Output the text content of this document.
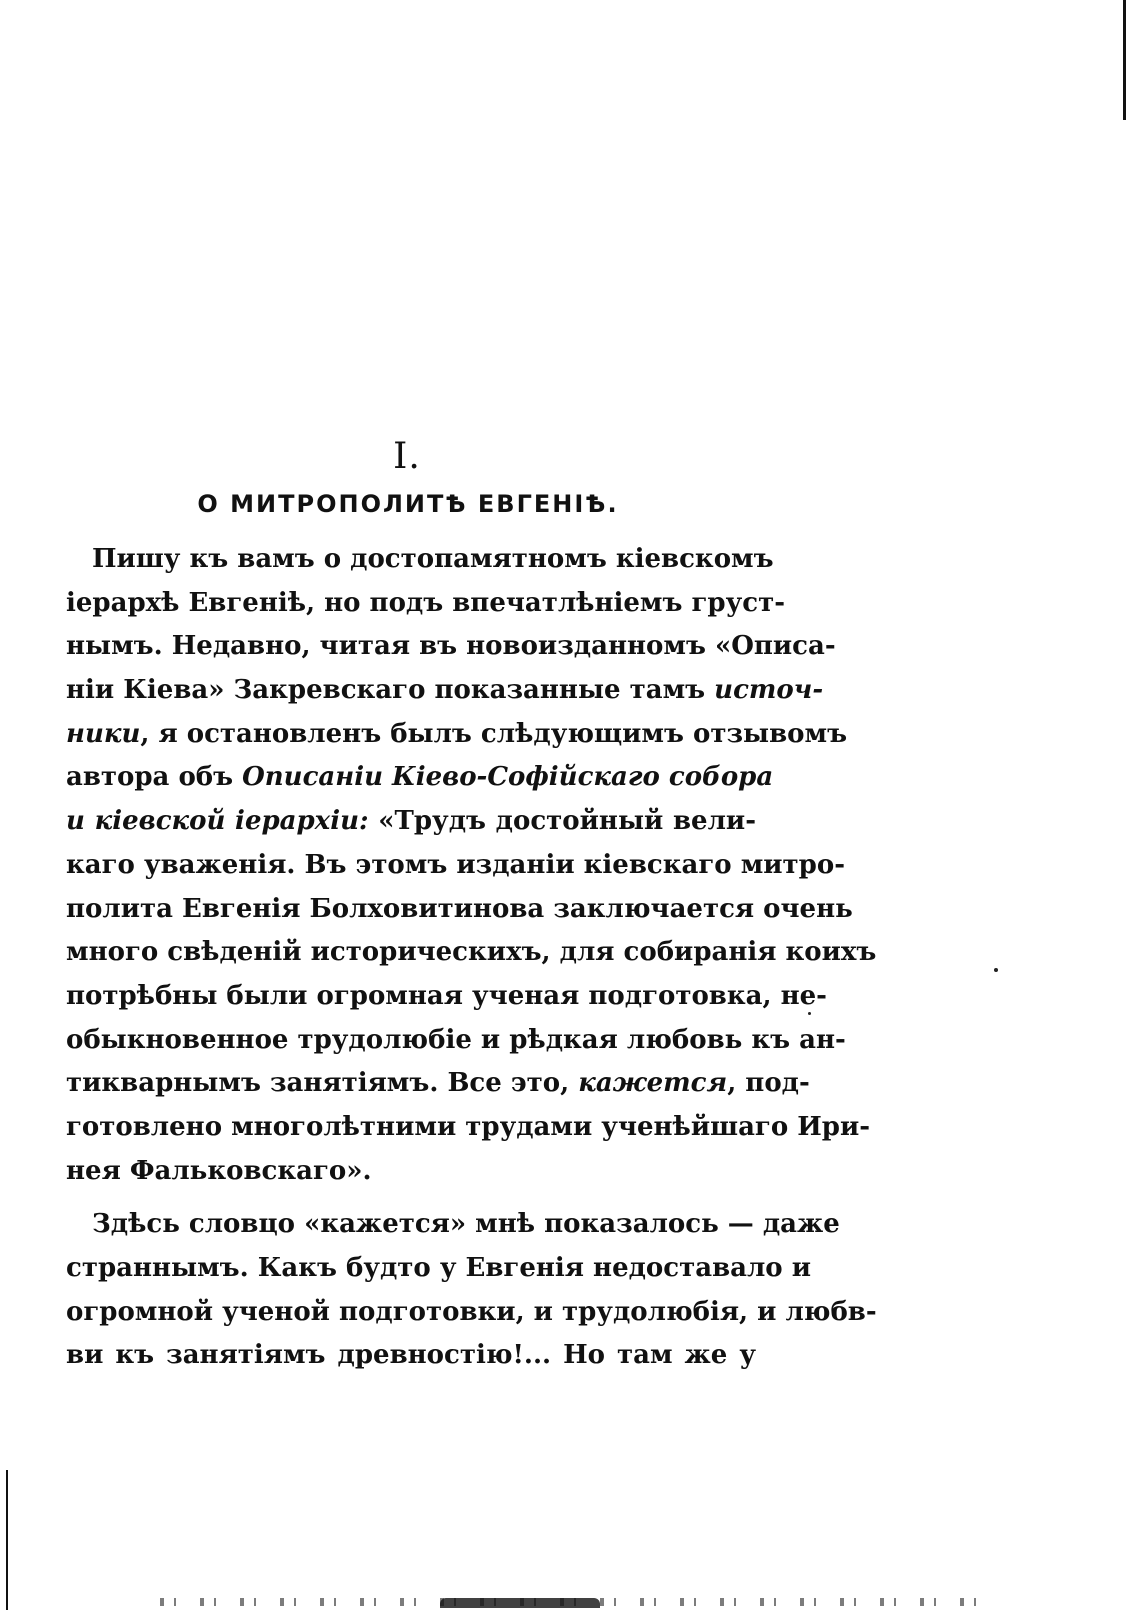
I.
О МИТРОПОЛИТѢ ЕВГЕНІѢ.
Пишу къ вамъ о достопамятномъ кіевскомъ
іерархѣ Евгеніѣ, но подъ впечатлѣніемъ груст-
нымъ. Недавно, читая въ новоизданномъ «Описа-
ніи Кіева» Закревскаго показанные тамъ источ-
ники, я остановленъ былъ слѣдующимъ отзывомъ
автора объ Описаніи Кіево-Софійскаго собора
и кіевской іерархіи: «Трудъ достойный вели-
каго уваженія. Въ этомъ изданіи кіевскаго митро-
полита Евгенія Болховитинова заключается очень
много свѣденій историческихъ, для собиранія коихъ
потрѣбны были огромная ученая подготовка, не-
обыкновенное трудолюбіе и рѣдкая любовь къ ан-
тикварнымъ занятіямъ. Все это, кажется, под-
готовлено многолѣтними трудами ученѣйшаго Ири-
нея Фальковскаго».
Здѣсь словцо «кажется» мнѣ показалось — даже
страннымъ. Какъ будто у Евгенія недоставало и
огромной ученой подготовки, и трудолюбія, и любв-
ви къ занятіямъ древностію!... Но там же у
